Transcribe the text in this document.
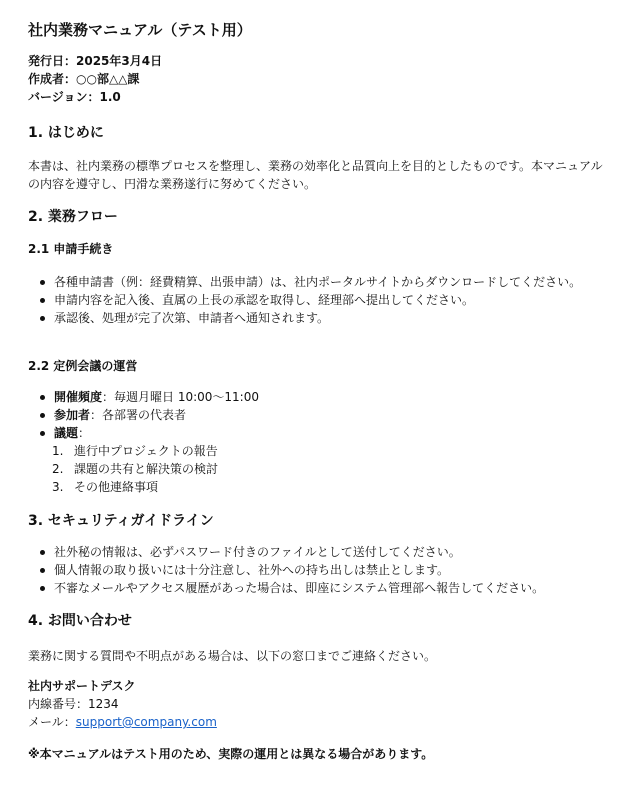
社内業務マニュアル（テスト用）
発行日：2025年3月4日
作成者：○○部△△課
バージョン：1.0
1. はじめに
本書は、社内業務の標準プロセスを整理し、業務の効率化と品質向上を目的としたものです。本マニュアルの内容を遵守し、円滑な業務遂行に努めてください。
2. 業務フロー
2.1 申請手続き
各種申請書（例：経費精算、出張申請）は、社内ポータルサイトからダウンロードしてください。
申請内容を記入後、直属の上長の承認を取得し、経理部へ提出してください。
承認後、処理が完了次第、申請者へ通知されます。
2.2 定例会議の運営
開催頻度：毎週月曜日 10:00〜11:00
参加者：各部署の代表者
議題：
1. 進行中プロジェクトの報告
2. 課題の共有と解決策の検討
3. その他連絡事項
3. セキュリティガイドライン
社外秘の情報は、必ずパスワード付きのファイルとして送付してください。
個人情報の取り扱いには十分注意し、社外への持ち出しは禁止とします。
不審なメールやアクセス履歴があった場合は、即座にシステム管理部へ報告してください。
4. お問い合わせ
業務に関する質問や不明点がある場合は、以下の窓口までご連絡ください。
社内サポートデスク
内線番号：1234
メール：support@company.com
※本マニュアルはテスト用のため、実際の運用とは異なる場合があります。
